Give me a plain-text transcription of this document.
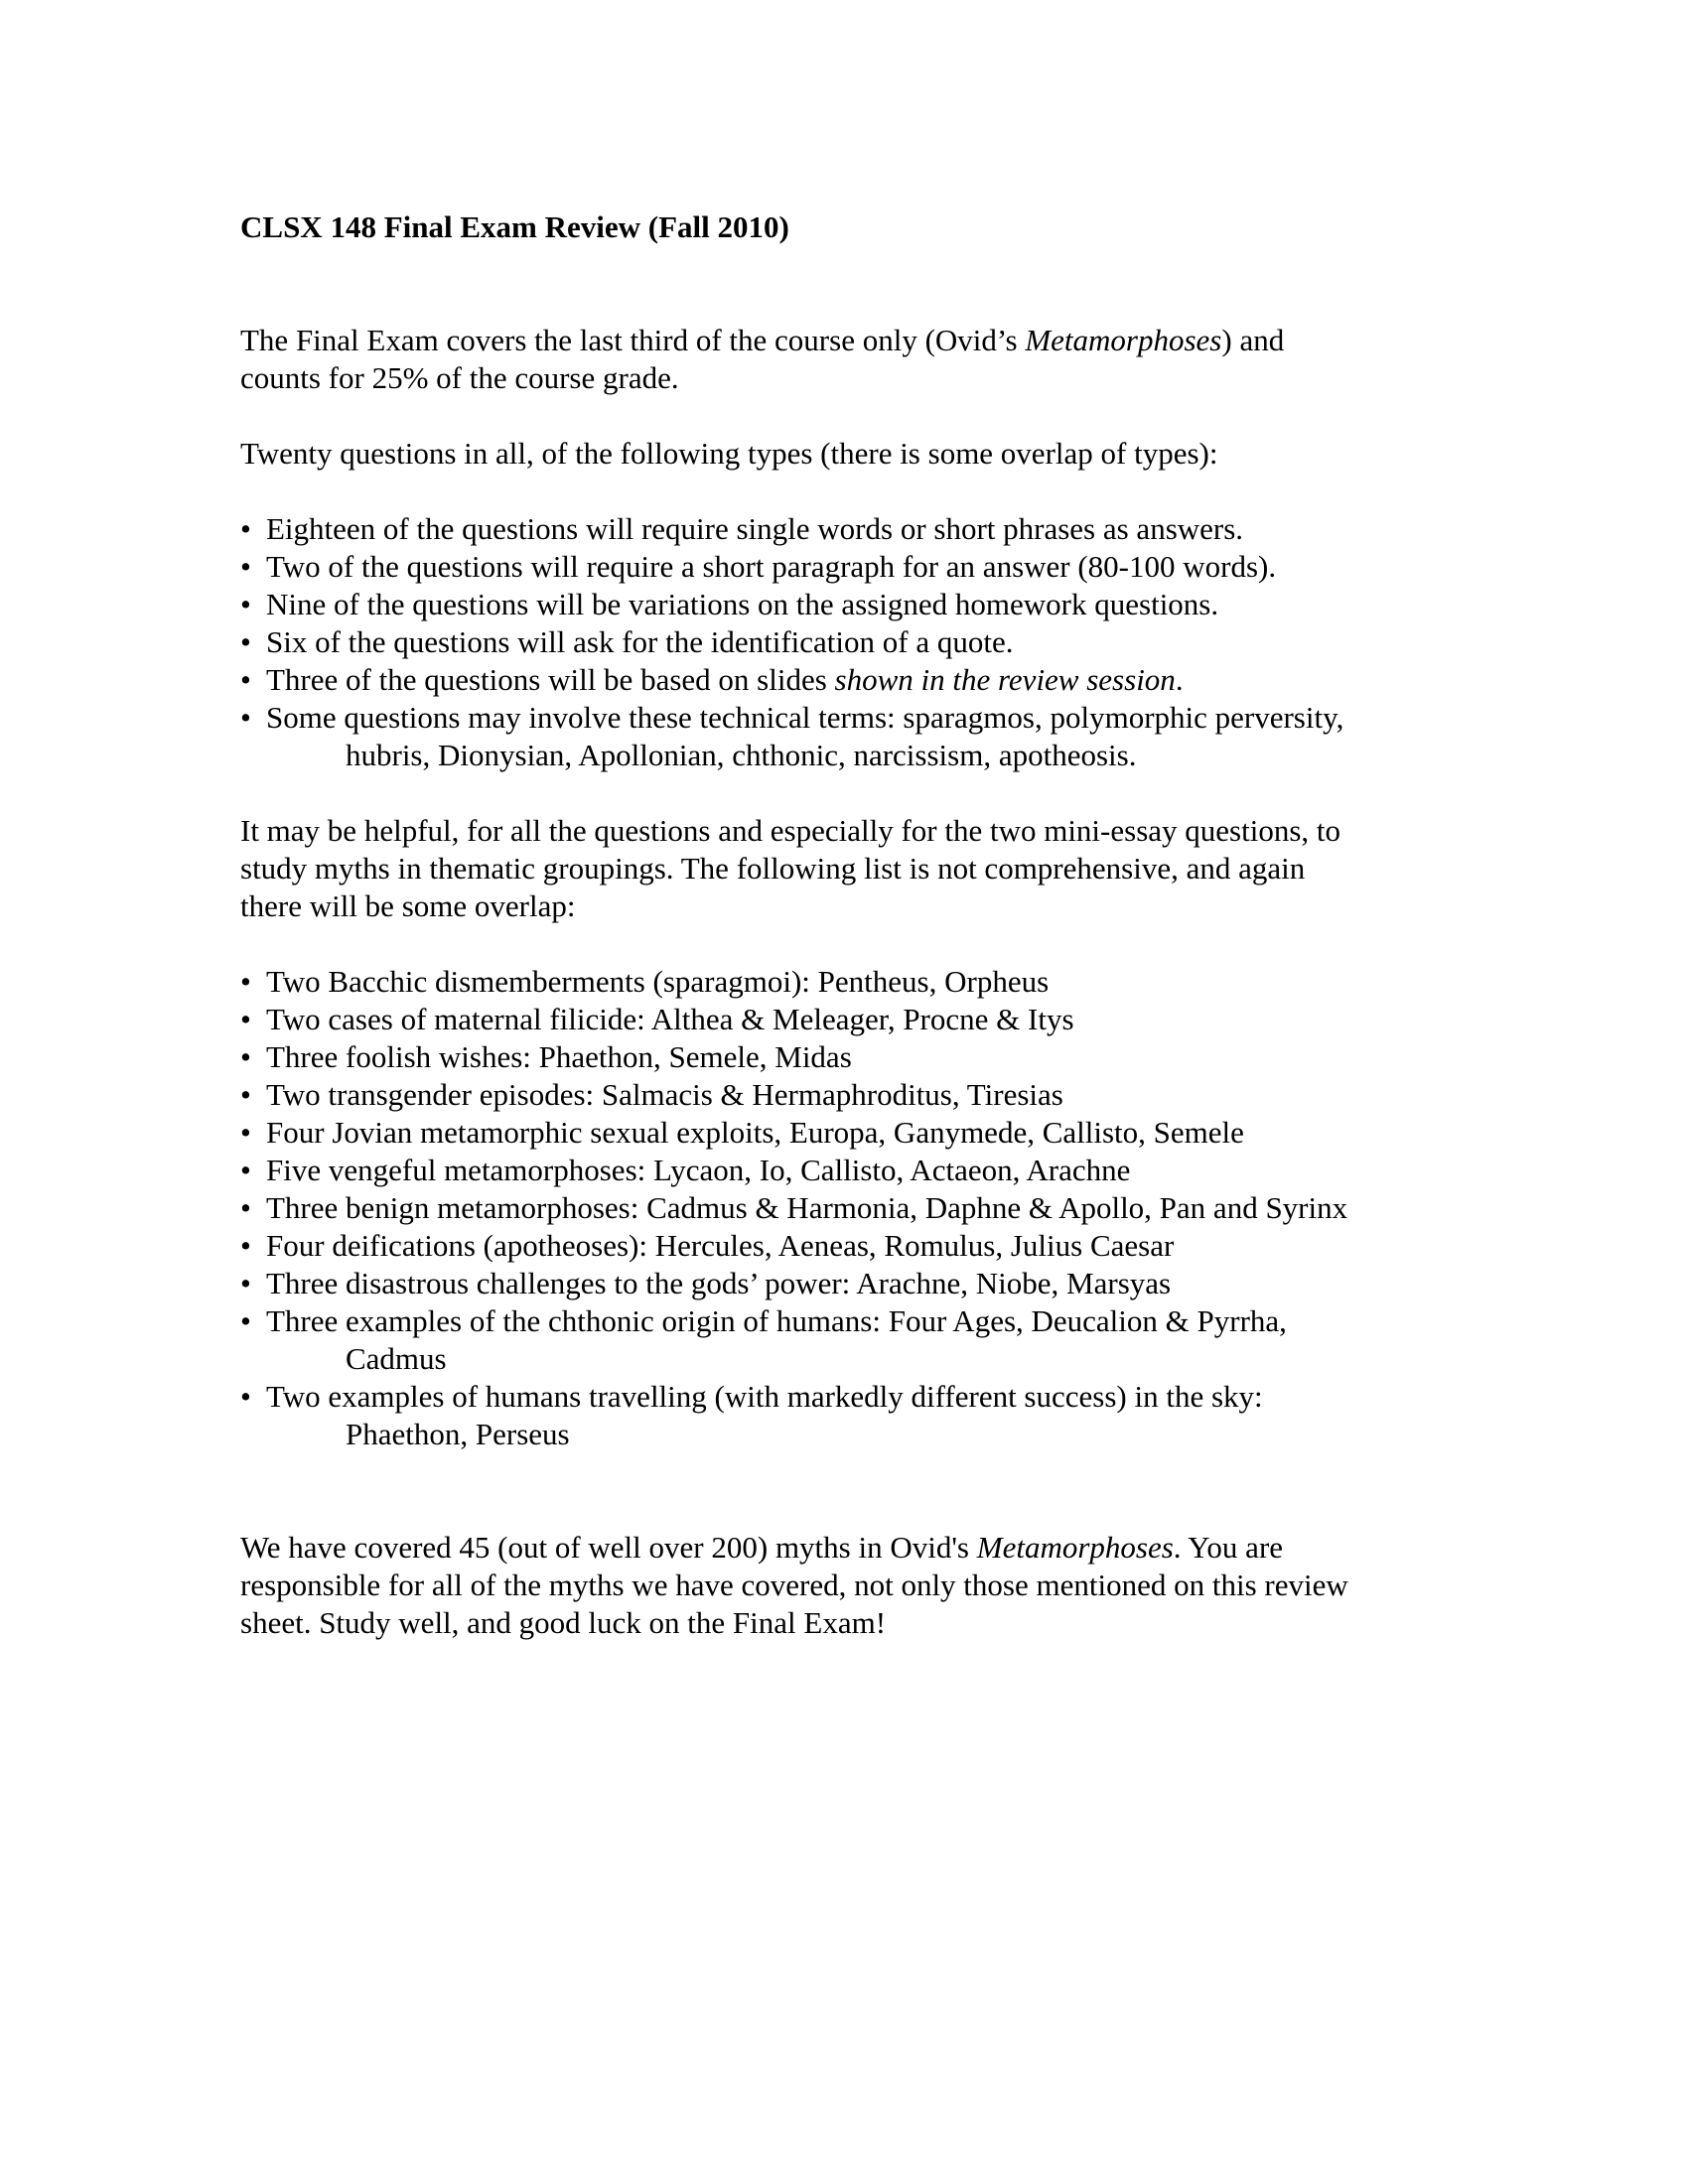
CLSX 148 Final Exam Review (Fall 2010)
The Final Exam covers the last third of the course only (Ovid’s Metamorphoses) and
counts for 25% of the course grade.
Twenty questions in all, of the following types (there is some overlap of types):
• Eighteen of the questions will require single words or short phrases as answers.
• Two of the questions will require a short paragraph for an answer (80-100 words).
• Nine of the questions will be variations on the assigned homework questions.
• Six of the questions will ask for the identification of a quote.
• Three of the questions will be based on slides shown in the review session.
• Some questions may involve these technical terms: sparagmos, polymorphic perversity,
hubris, Dionysian, Apollonian, chthonic, narcissism, apotheosis.
It may be helpful, for all the questions and especially for the two mini-essay questions, to
study myths in thematic groupings. The following list is not comprehensive, and again
there will be some overlap:
• Two Bacchic dismemberments (sparagmoi): Pentheus, Orpheus
• Two cases of maternal filicide: Althea & Meleager, Procne & Itys
• Three foolish wishes: Phaethon, Semele, Midas
• Two transgender episodes: Salmacis & Hermaphroditus, Tiresias
• Four Jovian metamorphic sexual exploits, Europa, Ganymede, Callisto, Semele
• Five vengeful metamorphoses: Lycaon, Io, Callisto, Actaeon, Arachne
• Three benign metamorphoses: Cadmus & Harmonia, Daphne & Apollo, Pan and Syrinx
• Four deifications (apotheoses): Hercules, Aeneas, Romulus, Julius Caesar
• Three disastrous challenges to the gods’ power: Arachne, Niobe, Marsyas
• Three examples of the chthonic origin of humans: Four Ages, Deucalion & Pyrrha,
Cadmus
• Two examples of humans travelling (with markedly different success) in the sky:
Phaethon, Perseus
We have covered 45 (out of well over 200) myths in Ovid's Metamorphoses. You are
responsible for all of the myths we have covered, not only those mentioned on this review
sheet. Study well, and good luck on the Final Exam!
